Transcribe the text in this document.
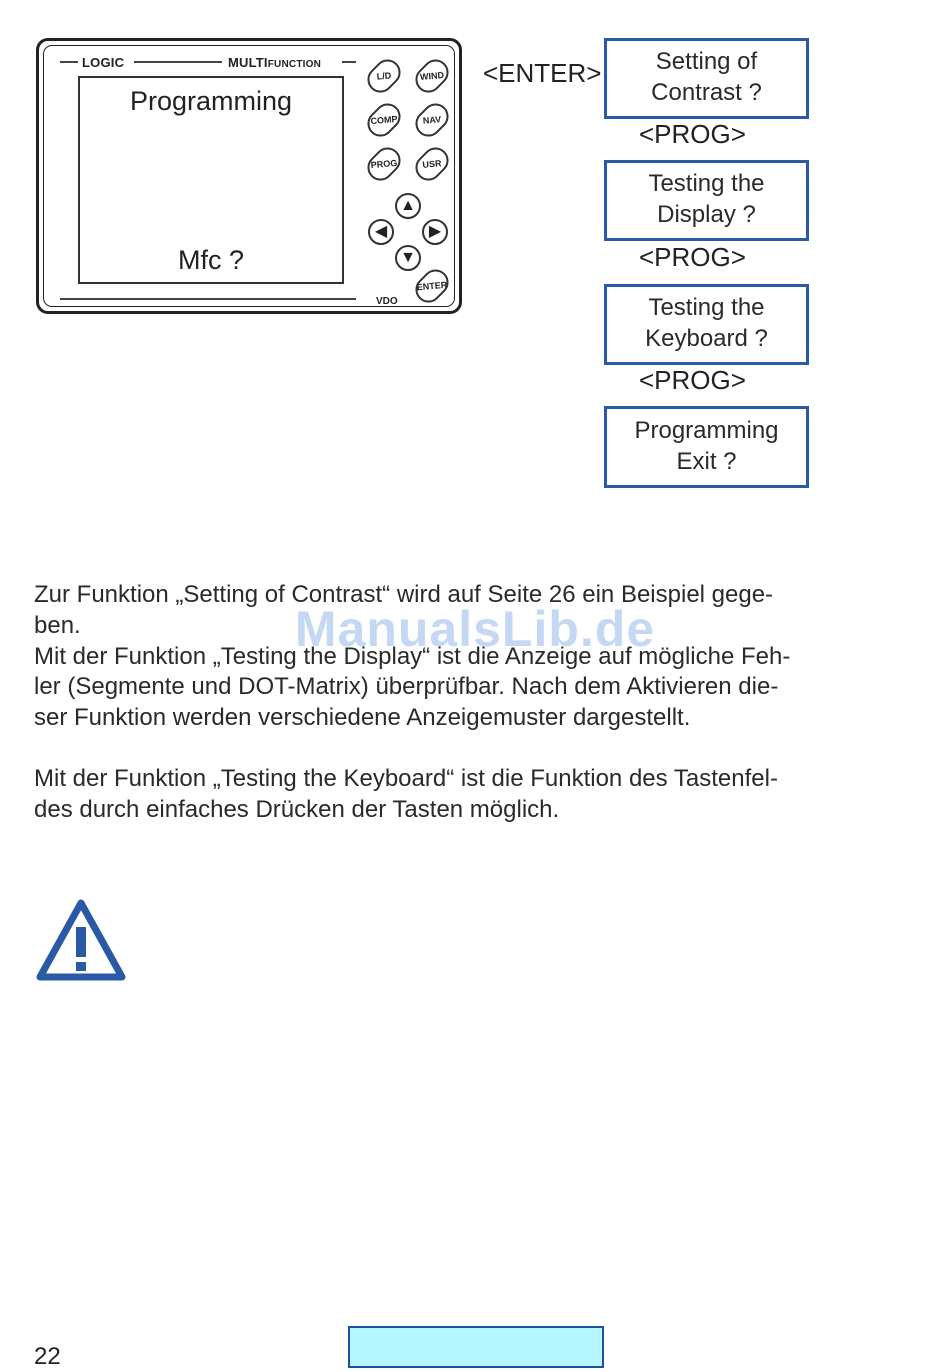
LOGIC	MULTIFUNCTION
Programming
Mfc ?
L/D	WIND
COMP	NAV
PROG	USR
▲
◀	▶
▼
ENTER
VDO
<ENTER>	Setting of
Contrast ?
<PROG>
Testing the
Display ?
<PROG>
Testing the
Keyboard ?
<PROG>
Programming
Exit ?
Zur Funktion „Setting of Contrast“ wird auf Seite 26 ein Beispiel gege-
ben.
Mit der Funktion „Testing the Display“ ist die Anzeige auf mögliche Feh-
ler (Segmente und DOT-Matrix) überprüfbar. Nach dem Aktivieren die-
ser Funktion werden verschiedene Anzeigemuster dargestellt.
Mit der Funktion „Testing the Keyboard“ ist die Funktion des Tastenfel-
des durch einfaches Drücken der Tasten möglich.
ManualsLib.de
22
